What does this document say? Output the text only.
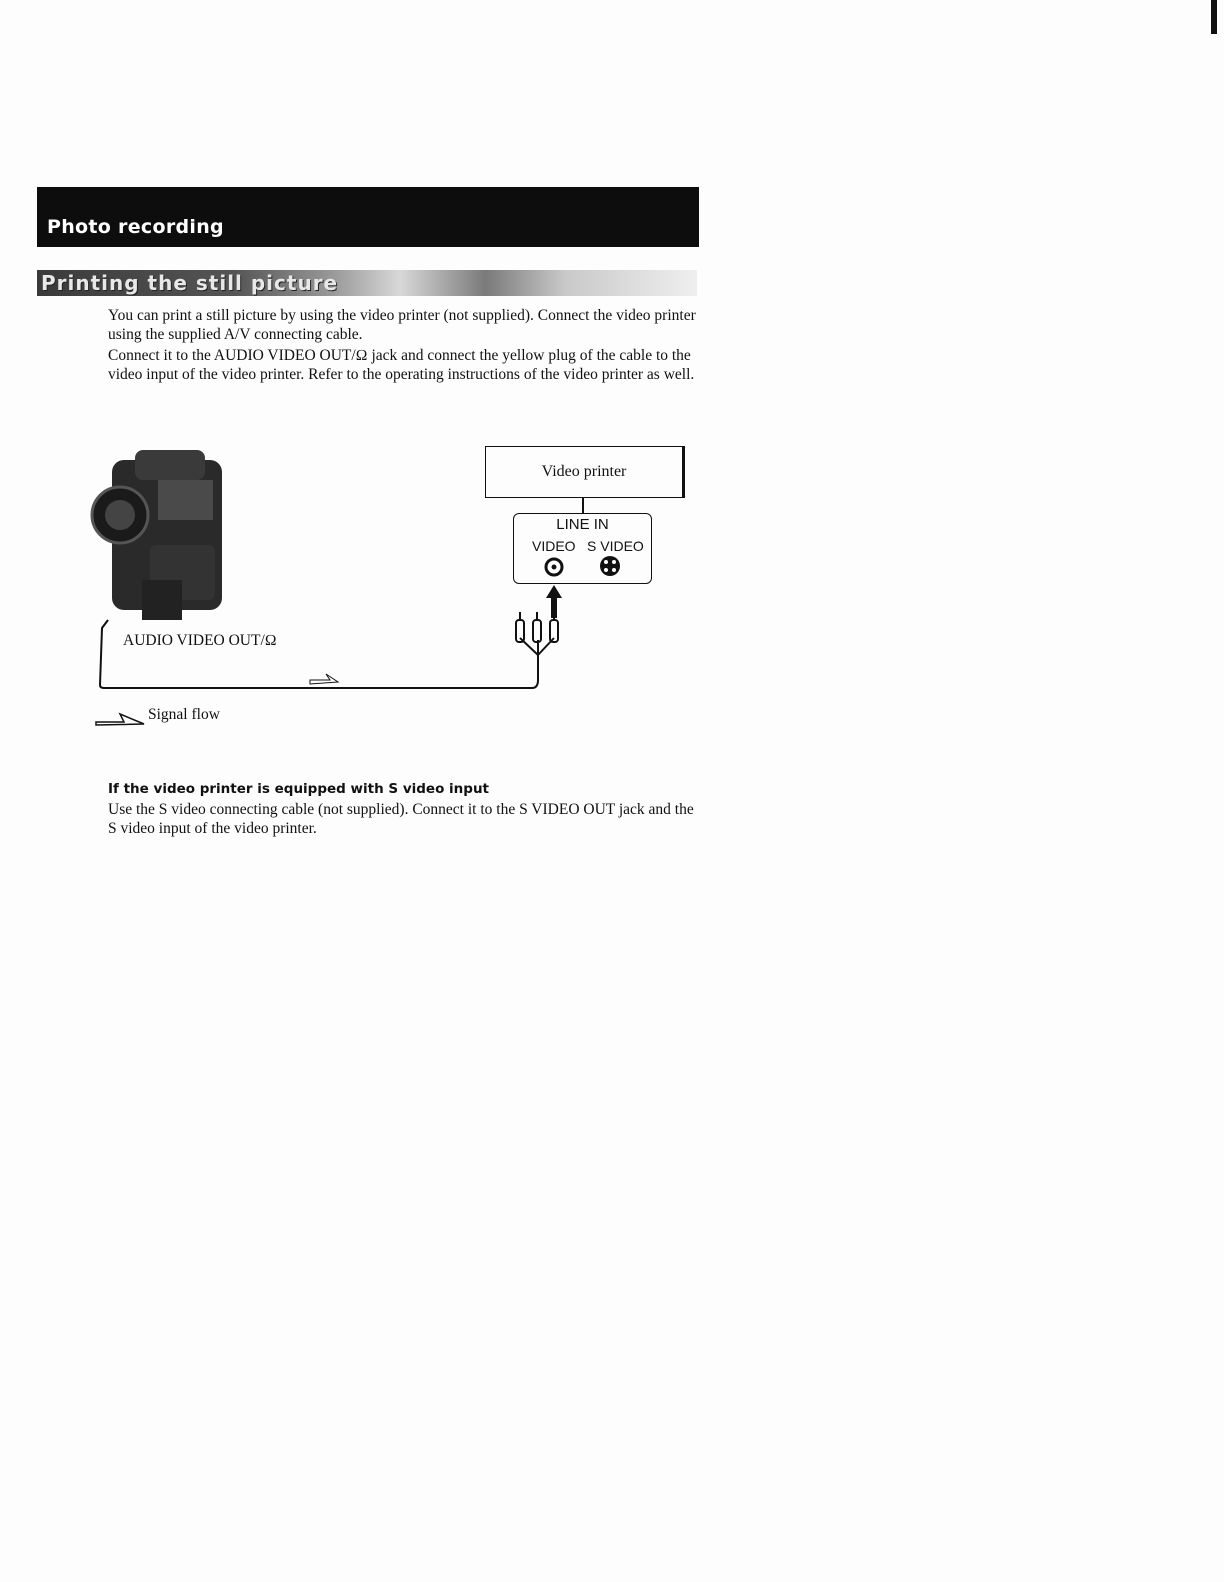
Photo recording
Printing the still picture

You can print a still picture by using the video printer (not supplied). Connect the video printer using the supplied A/V connecting cable.

Connect it to the AUDIO VIDEO OUT/Ω jack and connect the yellow plug of the cable to the video input of the video printer. Refer to the operating instructions of the video printer as well.

Video printer
LINE IN
VIDEO S VIDEO
AUDIO VIDEO OUT/Ω
Signal flow
If the video printer is equipped with S video input

Use the S video connecting cable (not supplied). Connect it to the S VIDEO OUT jack and the S video input of the video printer.
